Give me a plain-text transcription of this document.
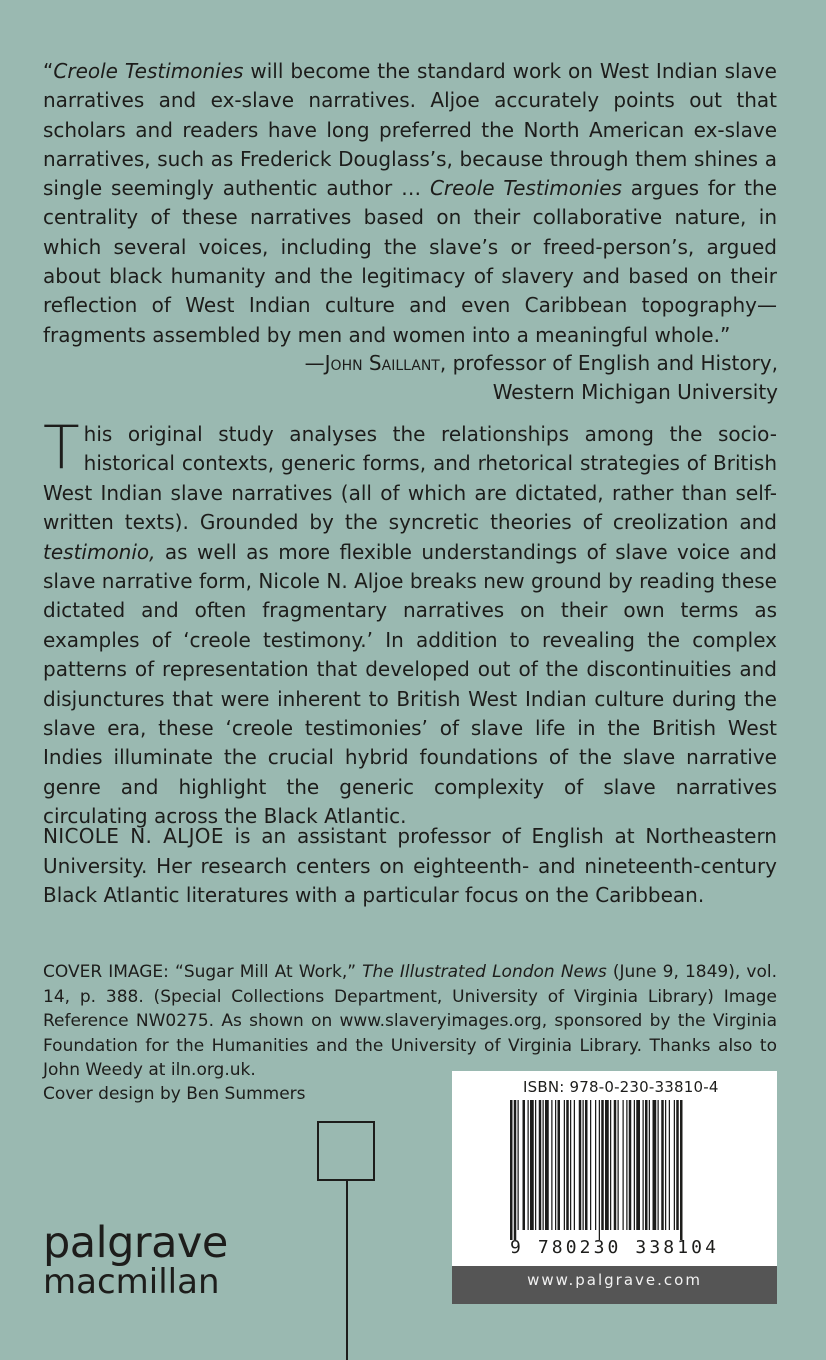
“Creole Testimonies will become the standard work on West Indian slave narratives and ex-slave narratives. Aljoe accurately points out that scholars and readers have long preferred the North American ex-slave narratives, such as Frederick Douglass’s, because through them shines a single seemingly authentic author … Creole Testimonies argues for the centrality of these narratives based on their collaborative nature, in which several voices, including the slave’s or freed-person’s, argued about black humanity and the legitimacy of slavery and based on their reflection of West Indian culture and even Caribbean topography—fragments assembled by men and women into a meaningful whole.”

—John Saillant, professor of English and History,
Western Michigan University

This original study analyses the relationships among the socio-historical contexts, generic forms, and rhetorical strategies of British West Indian slave narratives (all of which are dictated, rather than self-written texts). Grounded by the syncretic theories of creolization and testimonio, as well as more flexible understandings of slave voice and slave narrative form, Nicole N. Aljoe breaks new ground by reading these dictated and often fragmentary narratives on their own terms as examples of ‘creole testimony.’ In addition to revealing the complex patterns of representation that developed out of the discontinuities and disjunctures that were inherent to British West Indian culture during the slave era, these ‘creole testimonies’ of slave life in the British West Indies illuminate the crucial hybrid foundations of the slave narrative genre and highlight the generic complexity of slave narratives circulating across the Black Atlantic.

NICOLE N. ALJOE is an assistant professor of English at Northeastern University. Her research centers on eighteenth- and nineteenth-century Black Atlantic literatures with a particular focus on the Caribbean.

COVER IMAGE: “Sugar Mill At Work,” The Illustrated London News (June 9, 1849), vol. 14, p. 388. (Special Collections Department, University of Virginia Library) Image Reference NW0275. As shown on www.slaveryimages.org, sponsored by the Virginia Foundation for the Humanities and the University of Virginia Library. Thanks also to John Weedy at iln.org.uk.

Cover design by Ben Summers
palgrave
macmillan
ISBN: 978-0-230-33810-4
9 780230 338104
www.palgrave.com
